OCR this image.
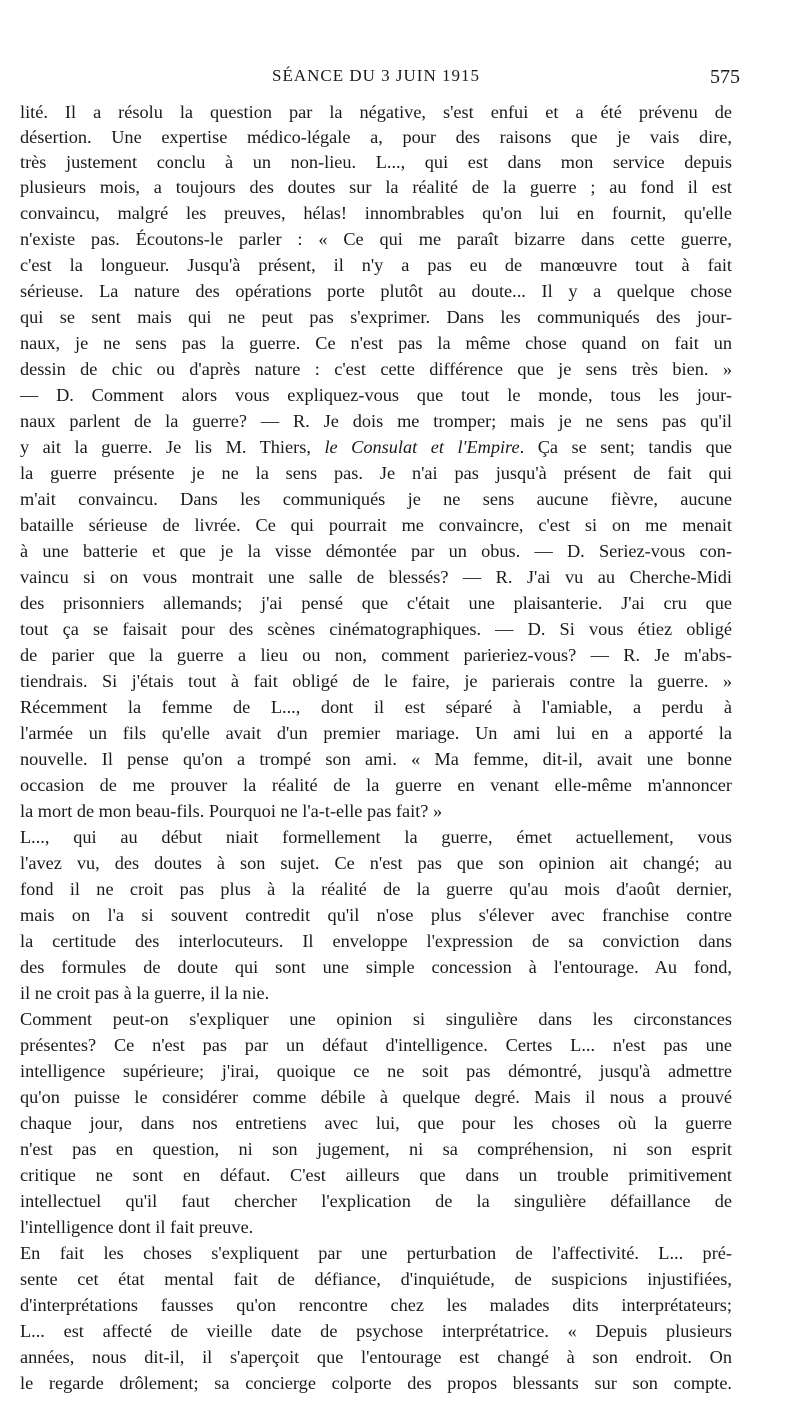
SÉANCE DU 3 JUIN 1915	575
lité. Il a résolu la question par la négative, s'est enfui et a été prévenu de
désertion. Une expertise médico-légale a, pour des raisons que je vais dire,
très justement conclu à un non-lieu. L..., qui est dans mon service depuis
plusieurs mois, a toujours des doutes sur la réalité de la guerre ; au fond il est
convaincu, malgré les preuves, hélas! innombrables qu'on lui en fournit, qu'elle
n'existe pas. Écoutons-le parler : « Ce qui me paraît bizarre dans cette guerre,
c'est la longueur. Jusqu'à présent, il n'y a pas eu de manœuvre tout à fait
sérieuse. La nature des opérations porte plutôt au doute... Il y a quelque chose
qui se sent mais qui ne peut pas s'exprimer. Dans les communiqués des jour-
naux, je ne sens pas la guerre. Ce n'est pas la même chose quand on fait un
dessin de chic ou d'après nature : c'est cette différence que je sens très bien. »
— D. Comment alors vous expliquez-vous que tout le monde, tous les jour-
naux parlent de la guerre? — R. Je dois me tromper; mais je ne sens pas qu'il
y ait la guerre. Je lis M. Thiers, le Consulat et l'Empire. Ça se sent; tandis que
la guerre présente je ne la sens pas. Je n'ai pas jusqu'à présent de fait qui
m'ait convaincu. Dans les communiqués je ne sens aucune fièvre, aucune
bataille sérieuse de livrée. Ce qui pourrait me convaincre, c'est si on me menait
à une batterie et que je la visse démontée par un obus. — D. Seriez-vous con-
vaincu si on vous montrait une salle de blessés? — R. J'ai vu au Cherche-Midi
des prisonniers allemands; j'ai pensé que c'était une plaisanterie. J'ai cru que
tout ça se faisait pour des scènes cinématographiques. — D. Si vous étiez obligé
de parier que la guerre a lieu ou non, comment parieriez-vous? — R. Je m'abs-
tiendrais. Si j'étais tout à fait obligé de le faire, je parierais contre la guerre. »
Récemment la femme de L..., dont il est séparé à l'amiable, a perdu à
l'armée un fils qu'elle avait d'un premier mariage. Un ami lui en a apporté la
nouvelle. Il pense qu'on a trompé son ami. « Ma femme, dit-il, avait une bonne
occasion de me prouver la réalité de la guerre en venant elle-même m'annoncer
la mort de mon beau-fils. Pourquoi ne l'a-t-elle pas fait? »
L..., qui au début niait formellement la guerre, émet actuellement, vous
l'avez vu, des doutes à son sujet. Ce n'est pas que son opinion ait changé; au
fond il ne croit pas plus à la réalité de la guerre qu'au mois d'août dernier,
mais on l'a si souvent contredit qu'il n'ose plus s'élever avec franchise contre
la certitude des interlocuteurs. Il enveloppe l'expression de sa conviction dans
des formules de doute qui sont une simple concession à l'entourage. Au fond,
il ne croit pas à la guerre, il la nie.
Comment peut-on s'expliquer une opinion si singulière dans les circonstances
présentes? Ce n'est pas par un défaut d'intelligence. Certes L... n'est pas une
intelligence supérieure; j'irai, quoique ce ne soit pas démontré, jusqu'à admettre
qu'on puisse le considérer comme débile à quelque degré. Mais il nous a prouvé
chaque jour, dans nos entretiens avec lui, que pour les choses où la guerre
n'est pas en question, ni son jugement, ni sa compréhension, ni son esprit
critique ne sont en défaut. C'est ailleurs que dans un trouble primitivement
intellectuel qu'il faut chercher l'explication de la singulière défaillance de
l'intelligence dont il fait preuve.
En fait les choses s'expliquent par une perturbation de l'affectivité. L... pré-
sente cet état mental fait de défiance, d'inquiétude, de suspicions injustifiées,
d'interprétations fausses qu'on rencontre chez les malades dits interprétateurs;
L... est affecté de vieille date de psychose interprétatrice. « Depuis plusieurs
années, nous dit-il, il s'aperçoit que l'entourage est changé à son endroit. On
le regarde drôlement; sa concierge colporte des propos blessants sur son compte.
